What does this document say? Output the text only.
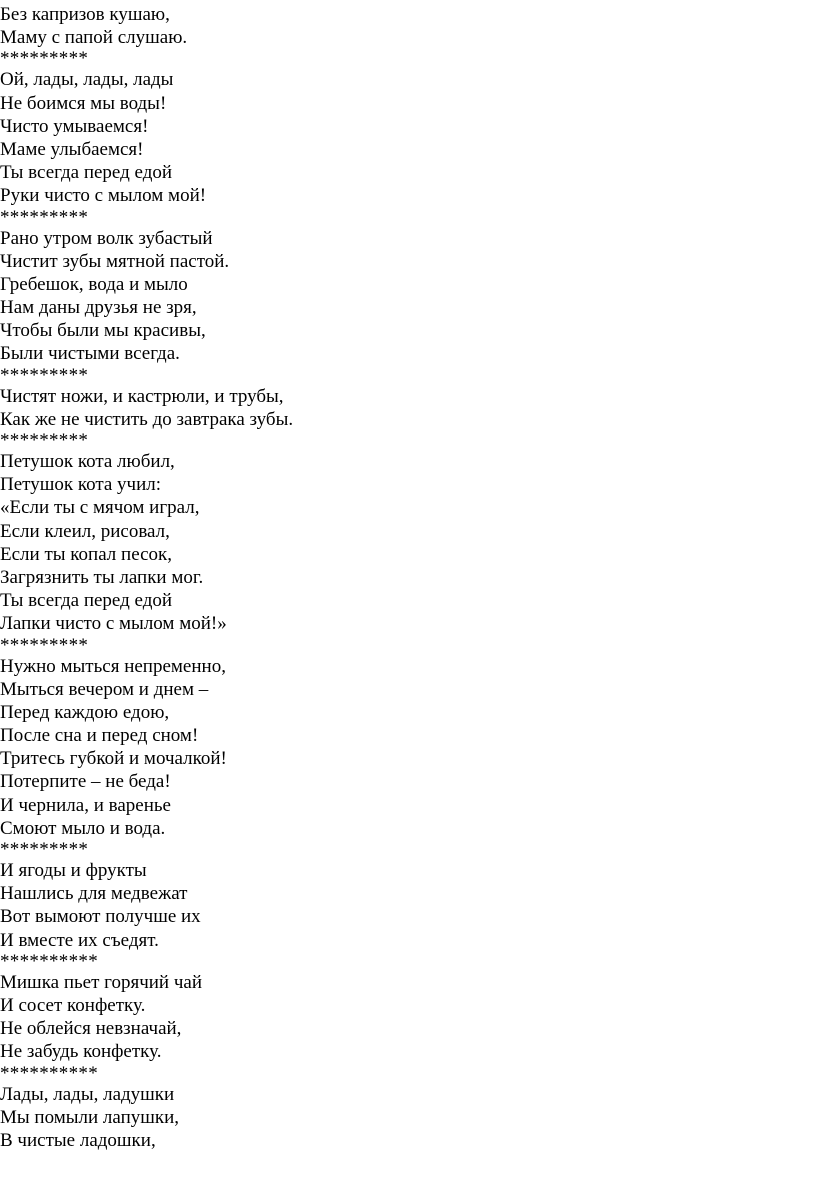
Без капризов кушаю,
Маму с папой слушаю.
*********
Ой, лады, лады, лады
Не боимся мы воды!
Чисто умываемся!
Маме улыбаемся!
Ты всегда перед едой
Руки чисто с мылом мой!
*********
Рано утром волк зубастый
Чистит зубы мятной пастой.
Гребешок, вода и мыло
Нам даны друзья не зря,
Чтобы были мы красивы,
Были чистыми всегда.
*********
Чистят ножи, и кастрюли, и трубы,
Как же не чистить до завтрака зубы.
*********
Петушок кота любил,
Петушок кота учил:
«Если ты с мячом играл,
Если клеил, рисовал,
Если ты копал песок,
Загрязнить ты лапки мог.
Ты всегда перед едой
Лапки чисто с мылом мой!»
*********
Нужно мыться непременно,
Мыться вечером и днем –
Перед каждою едою,
После сна и перед сном!
Тритесь губкой и мочалкой!
Потерпите – не беда!
И чернила, и варенье
Смоют мыло и вода.
*********
И ягоды и фрукты
Нашлись для медвежат
Вот вымоют получше их
И вместе их съедят.
**********
Мишка пьет горячий чай
И сосет конфетку.
Не облейся невзначай,
Не забудь конфетку.
**********
Лады, лады, ладушки
Мы помыли лапушки,
В чистые ладошки,
